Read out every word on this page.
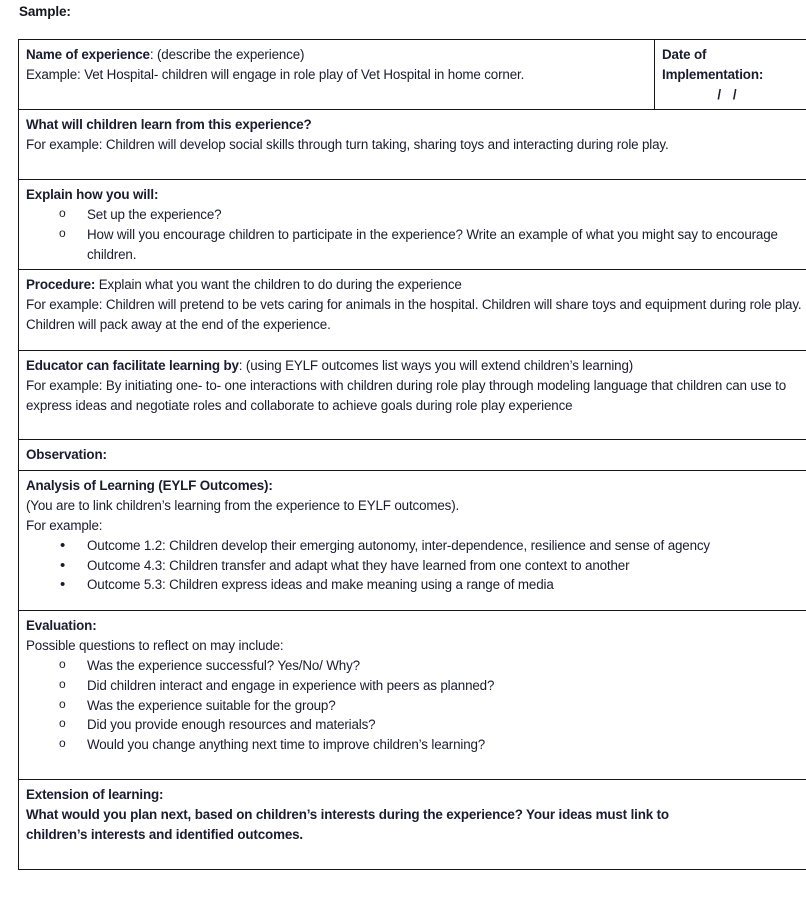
Sample:
Name of experience: (describe the experience)
Example: Vet Hospital- children will engage in role play of Vet Hospital in home corner.

Date of
Implementation:
/ /

What will children learn from this experience?
For example: Children will develop social skills through turn taking, sharing toys and interacting during role play.

Explain how you will:
o Set up the experience?
o How will you encourage children to participate in the experience? Write an example of what you might say to encourage children.

Procedure: Explain what you want the children to do during the experience
For example: Children will pretend to be vets caring for animals in the hospital. Children will share toys and equipment during role play. Children will pack away at the end of the experience.

Educator can facilitate learning by: (using EYLF outcomes list ways you will extend children’s learning)
For example: By initiating one- to- one interactions with children during role play through modeling language that children can use to express ideas and negotiate roles and collaborate to achieve goals during role play experience

Observation:

Analysis of Learning (EYLF Outcomes):
(You are to link children’s learning from the experience to EYLF outcomes).
For example:
• Outcome 1.2: Children develop their emerging autonomy, inter-dependence, resilience and sense of agency
• Outcome 4.3: Children transfer and adapt what they have learned from one context to another
• Outcome 5.3: Children express ideas and make meaning using a range of media

Evaluation:
Possible questions to reflect on may include:
o Was the experience successful? Yes/No/ Why?
o Did children interact and engage in experience with peers as planned?
o Was the experience suitable for the group?
o Did you provide enough resources and materials?
o Would you change anything next time to improve children’s learning?

Extension of learning:
What would you plan next, based on children’s interests during the experience? Your ideas must link to
children’s interests and identified outcomes.
